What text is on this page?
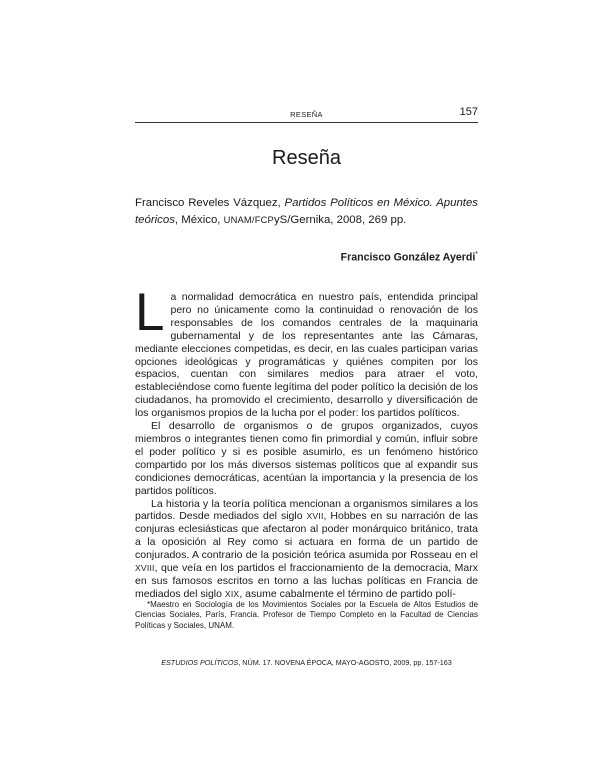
RESEÑA	157
Reseña
Francisco Reveles Vázquez, Partidos Políticos en México. Apuntes teóricos, México, UNAM/FCPyS/Gernika, 2008, 269 pp.
Francisco González Ayerdi*

La normalidad democrática en nuestro país, entendida principal pero no únicamente como la continuidad o renovación de los responsables de los comandos centrales de la maquinaria gubernamental y de los representantes ante las Cámaras, mediante elecciones competidas, es decir, en las cuales participan varias opciones ideológicas y programáticas y quiénes compiten por los espacios, cuentan con similares medios para atraer el voto, estableciéndose como fuente legítima del poder político la decisión de los ciudadanos, ha promovido el crecimiento, desarrollo y diversificación de los organismos propios de la lucha por el poder: los partidos políticos.

El desarrollo de organismos o de grupos organizados, cuyos miembros o integrantes tienen como fin primordial y común, influir sobre el poder político y si es posible asumirlo, es un fenómeno histórico compartido por los más diversos sistemas políticos que al expandir sus condiciones democráticas, acentúan la importancia y la presencia de los partidos políticos.

La historia y la teoría política mencionan a organismos similares a los partidos. Desde mediados del siglo XVII, Hobbes en su narración de las conjuras eclesiásticas que afectaron al poder monárquico británico, trata a la oposición al Rey como si actuara en forma de un partido de conjurados. A contrario de la posición teórica asumida por Rosseau en el XVIII, que veía en los partidos el fraccionamiento de la democracia, Marx en sus famosos escritos en torno a las luchas políticas en Francia de mediados del siglo XIX, asume cabalmente el término de partido polí-

*Maestro en Sociología de los Movimientos Sociales por la Escuela de Altos Estudios de Ciencias Sociales, París, Francia. Profesor de Tiempo Completo en la Facultad de Ciencias Políticas y Sociales, UNAM.

ESTUDIOS POLÍTICOS, NÚM. 17. NOVENA ÉPOCA, MAYO-AGOSTO, 2009, pp. 157-163
